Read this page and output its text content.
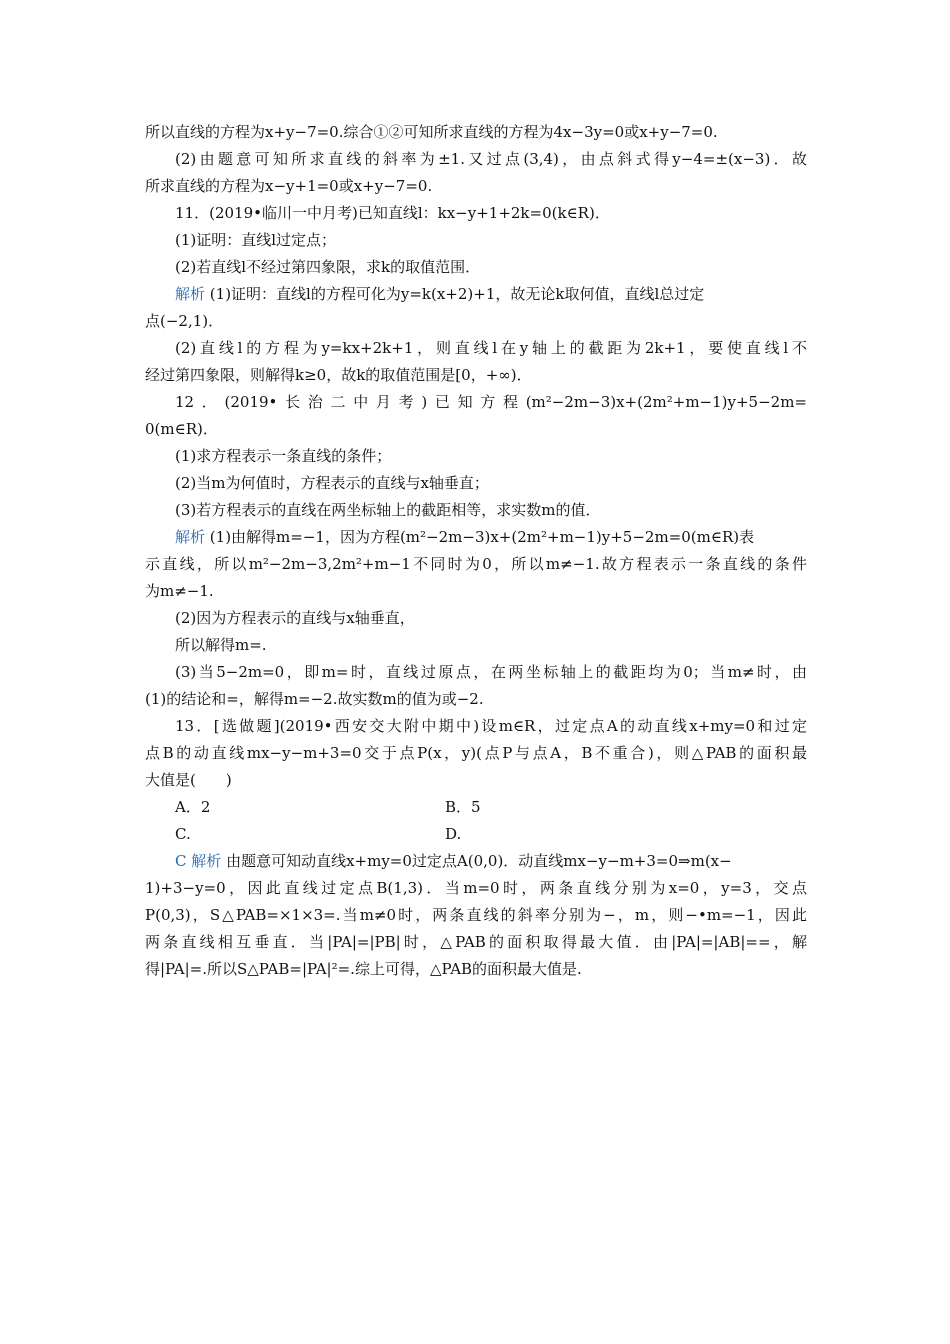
所以直线的方程为x+y−7=0.综合①②可知所求直线的方程为4x−3y=0或x+y−7=0.
(2)由题意可知所求直线的斜率为±1.又过点(3,4)，由点斜式得y−4=±(x−3)．故
所求直线的方程为x−y+1=0或x+y−7=0.
11．(2019•临川一中月考)已知直线l：kx−y+1+2k=0(k∈R)．
(1)证明：直线l过定点；
(2)若直线l不经过第四象限，求k的取值范围．
解析 (1)证明：直线l的方程可化为y=k(x+2)+1，故无论k取何值，直线l总过定
点(−2,1)．
(2)直线l的方程为y=kx+2k+1，则直线l在y轴上的截距为2k+1，要使直线l不
经过第四象限，则解得k≥0，故k的取值范围是[0，+∞)．
12．(2019•长治二中月考)已知方程(m²−2m−3)x+(2m²+m−1)y+5−2m=
0(m∈R)．
(1)求方程表示一条直线的条件；
(2)当m为何值时，方程表示的直线与x轴垂直；
(3)若方程表示的直线在两坐标轴上的截距相等，求实数m的值．
解析 (1)由解得m=−1，因为方程(m²−2m−3)x+(2m²+m−1)y+5−2m=0(m∈R)表
示直线，所以m²−2m−3,2m²+m−1不同时为0，所以m≠−1.故方程表示一条直线的条件
为m≠−1.
(2)因为方程表示的直线与x轴垂直，
所以解得m=.
(3)当5−2m=0，即m=时，直线过原点，在两坐标轴上的截距均为0；当m≠时，由
(1)的结论和=，解得m=−2.故实数m的值为或−2.
13．[选做题](2019•西安交大附中期中)设m∈R，过定点A的动直线x+my=0和过定
点B的动直线mx−y−m+3=0交于点P(x，y)(点P与点A，B不重合)，则△PAB的面积最
大值是(　　)
A．2	B．5
C.	D.
C 解析 由题意可知动直线x+my=0过定点A(0,0)．动直线mx−y−m+3=0⇒m(x−
1)+3−y=0，因此直线过定点B(1,3)．当m=0时，两条直线分别为x=0，y=3，交点
P(0,3)，S△PAB=×1×3=.当m≠0时，两条直线的斜率分别为−，m，则−•m=−1，因此
两条直线相互垂直．当|PA|=|PB|时，△PAB的面积取得最大值．由|PA|=|AB|==，解
得|PA|=.所以S△PAB=|PA|²=.综上可得，△PAB的面积最大值是.
